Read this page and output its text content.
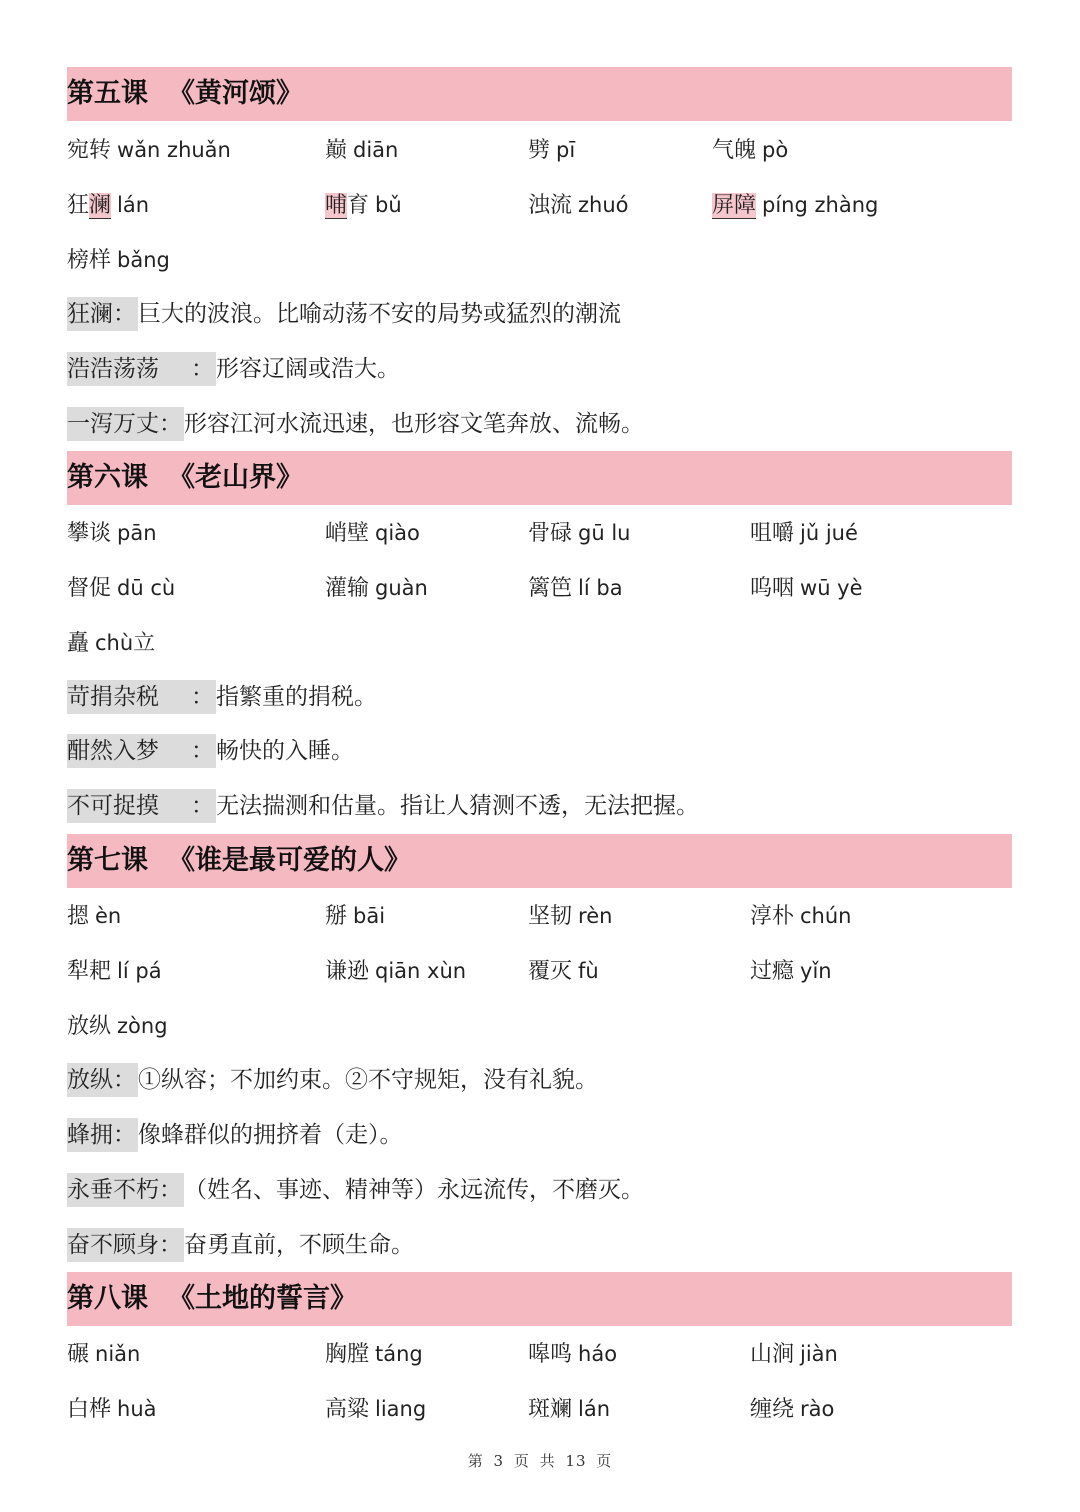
第五课 《黄河颂》
宛转 wǎn zhuǎn	巅 diān	劈 pī	气魄 pò
狂澜 lán	哺育 bǔ	浊流 zhuó	屏障 píng zhàng
榜样 bǎng
狂澜：巨大的波浪。比喻动荡不安的局势或猛烈的潮流
浩浩荡荡 ： 形容辽阔或浩大。
一泻万丈：形容江河水流迅速，也形容文笔奔放、流畅。
第六课 《老山界》
攀谈 pān	峭壁 qiào	骨碌 gū lu	咀嚼 jǔ jué
督促 dū cù	灌输 guàn	篱笆 lí ba	呜咽 wū yè
矗 chù立
苛捐杂税 ： 指繁重的捐税。
酣然入梦 ： 畅快的入睡。
不可捉摸 ： 无法揣测和估量。指让人猜测不透，无法把握。
第七课 《谁是最可爱的人》
摁 èn	掰 bāi	坚韧 rèn	淳朴 chún
犁耙 lí pá	谦逊 qiān xùn	覆灭 fù	过瘾 yǐn
放纵 zòng
放纵：①纵容；不加约束。②不守规矩，没有礼貌。
蜂拥：像蜂群似的拥挤着（走）。
永垂不朽：（姓名、事迹、精神等）永远流传，不磨灭。
奋不顾身：奋勇直前，不顾生命。
第八课 《土地的誓言》
碾 niǎn	胸膛 táng	嗥鸣 háo	山涧 jiàn
白桦 huà	高粱 liang	斑斓 lán	缠绕 rào
第 3 页 共 13 页
